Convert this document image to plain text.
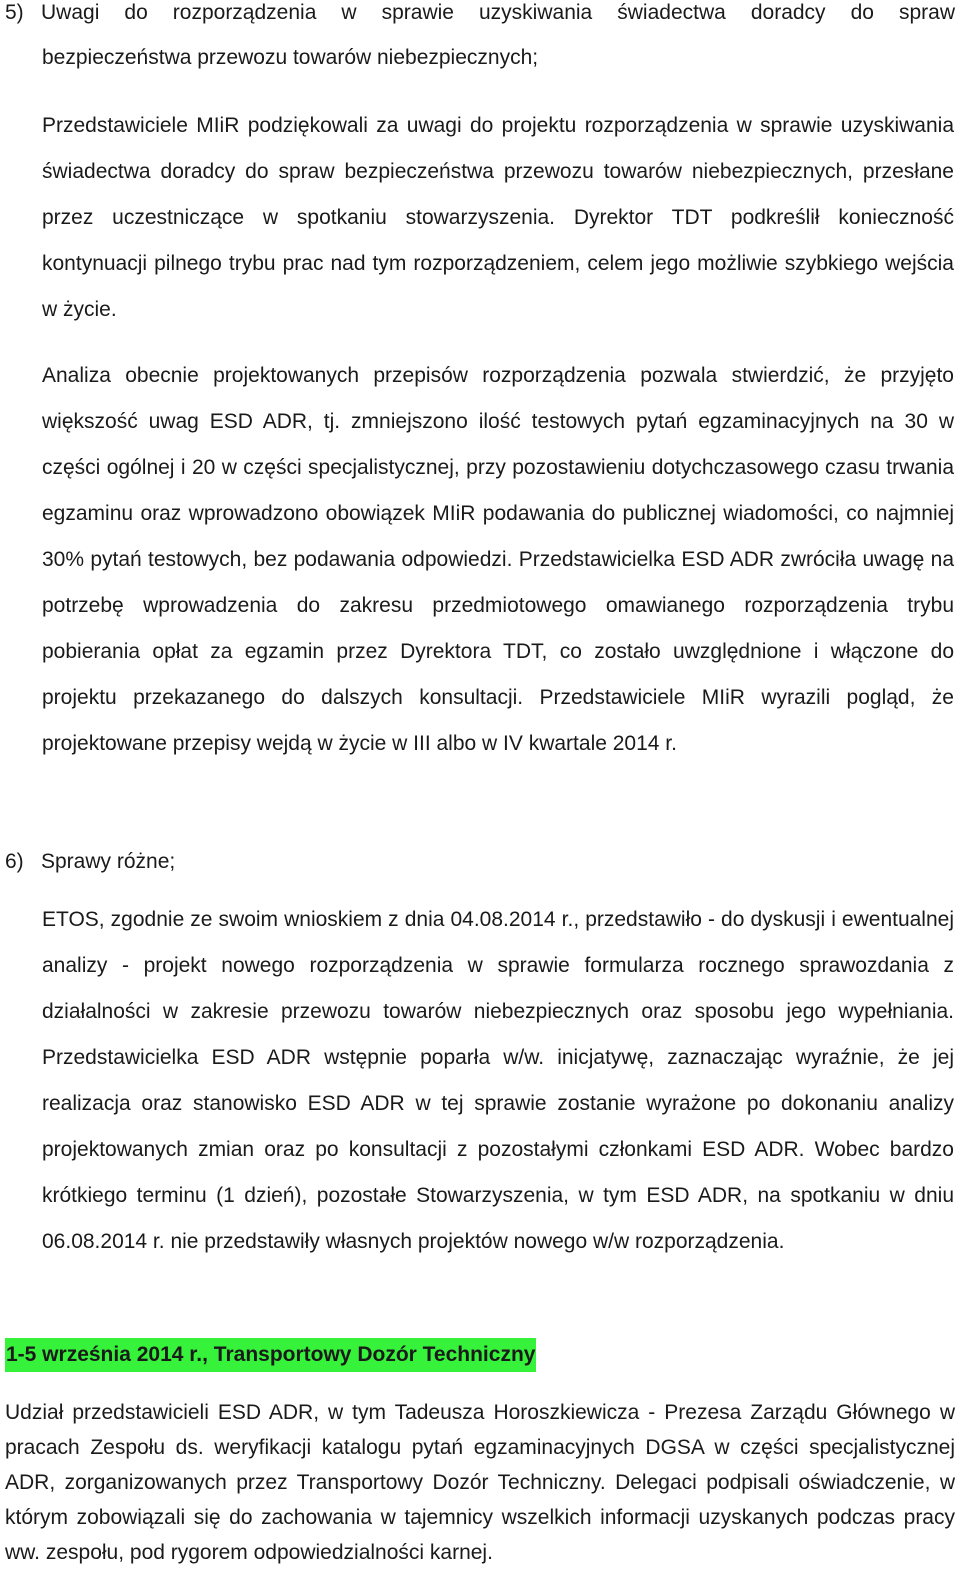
5) Uwagi do rozporządzenia w sprawie uzyskiwania świadectwa doradcy do spraw
bezpieczeństwa przewozu towarów niebezpiecznych;

Przedstawiciele MIiR podziękowali za uwagi do projektu rozporządzenia w sprawie uzyskiwania świadectwa doradcy do spraw bezpieczeństwa przewozu towarów niebezpiecznych, przesłane przez uczestniczące w spotkaniu stowarzyszenia. Dyrektor TDT podkreślił konieczność kontynuacji pilnego trybu prac nad tym rozporządzeniem, celem jego możliwie szybkiego wejścia w życie.

Analiza obecnie projektowanych przepisów rozporządzenia pozwala stwierdzić, że przyjęto większość uwag ESD ADR, tj. zmniejszono ilość testowych pytań egzaminacyjnych na 30 w części ogólnej i 20 w części specjalistycznej, przy pozostawieniu dotychczasowego czasu trwania egzaminu oraz wprowadzono obowiązek MIiR podawania do publicznej wiadomości, co najmniej 30% pytań testowych, bez podawania odpowiedzi. Przedstawicielka ESD ADR zwróciła uwagę na potrzebę wprowadzenia do zakresu przedmiotowego omawianego rozporządzenia trybu pobierania opłat za egzamin przez Dyrektora TDT, co zostało uwzględnione i włączone do projektu przekazanego do dalszych konsultacji. Przedstawiciele MIiR wyrazili pogląd, że projektowane przepisy wejdą w życie w III albo w IV kwartale 2014 r.

6) Sprawy różne;

ETOS, zgodnie ze swoim wnioskiem z dnia 04.08.2014 r., przedstawiło - do dyskusji i ewentualnej analizy - projekt nowego rozporządzenia w sprawie formularza rocznego sprawozdania z działalności w zakresie przewozu towarów niebezpiecznych oraz sposobu jego wypełniania. Przedstawicielka ESD ADR wstępnie poparła w/w. inicjatywę, zaznaczając wyraźnie, że jej realizacja oraz stanowisko ESD ADR w tej sprawie zostanie wyrażone po dokonaniu analizy projektowanych zmian oraz po konsultacji z pozostałymi członkami ESD ADR. Wobec bardzo krótkiego terminu (1 dzień), pozostałe Stowarzyszenia, w tym ESD ADR, na spotkaniu w dniu 06.08.2014 r. nie przedstawiły własnych projektów nowego w/w rozporządzenia.

1-5 września 2014 r., Transportowy Dozór Techniczny

Udział przedstawicieli ESD ADR, w tym Tadeusza Horoszkiewicza - Prezesa Zarządu Głównego w pracach Zespołu ds. weryfikacji katalogu pytań egzaminacyjnych DGSA w części specjalistycznej ADR, zorganizowanych przez Transportowy Dozór Techniczny. Delegaci podpisali oświadczenie, w którym zobowiązali się do zachowania w tajemnicy wszelkich informacji uzyskanych podczas pracy ww. zespołu, pod rygorem odpowiedzialności karnej.
